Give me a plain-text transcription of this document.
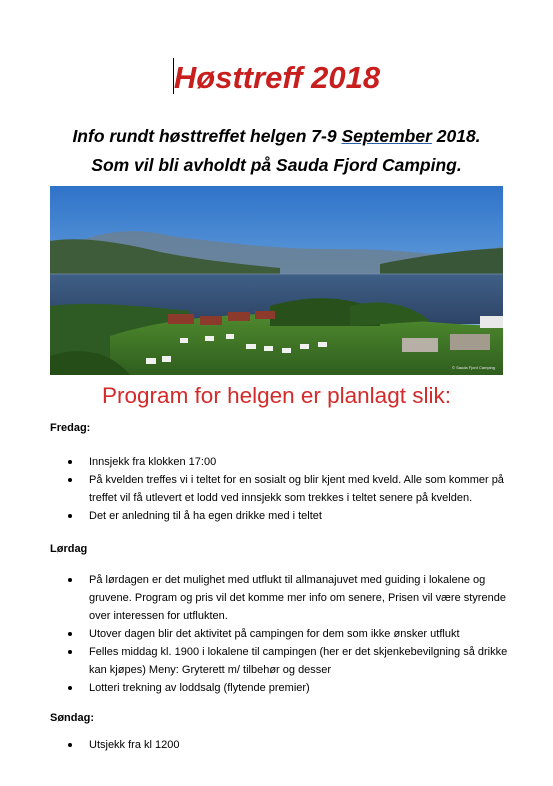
Høsttreff 2018
Info rundt høsttreffet helgen 7-9 September 2018.
Som vil bli avholdt på Sauda Fjord Camping.
© Sauda Fjord Camping
Program for helgen er planlagt slik:
Fredag:
Innsjekk fra klokken 17:00
På kvelden treffes vi i teltet for en sosialt og blir kjent med kveld. Alle som kommer på treffet vil få utlevert et lodd ved innsjekk som trekkes i teltet senere på kvelden.
Det er anledning til å ha egen drikke med i teltet
Lørdag
På lørdagen er det mulighet med utflukt til allmanajuvet med guiding i lokalene og gruvene. Program og pris vil det komme mer info om senere, Prisen vil være styrende over interessen for utflukten.
Utover dagen blir det aktivitet på campingen for dem som ikke ønsker utflukt
Felles middag kl. 1900 i lokalene til campingen (her er det skjenkebevilgning så drikke kan kjøpes) Meny: Gryterett m/ tilbehør og desser
Lotteri trekning av loddsalg (flytende premier)
Søndag:
Utsjekk fra kl 1200
